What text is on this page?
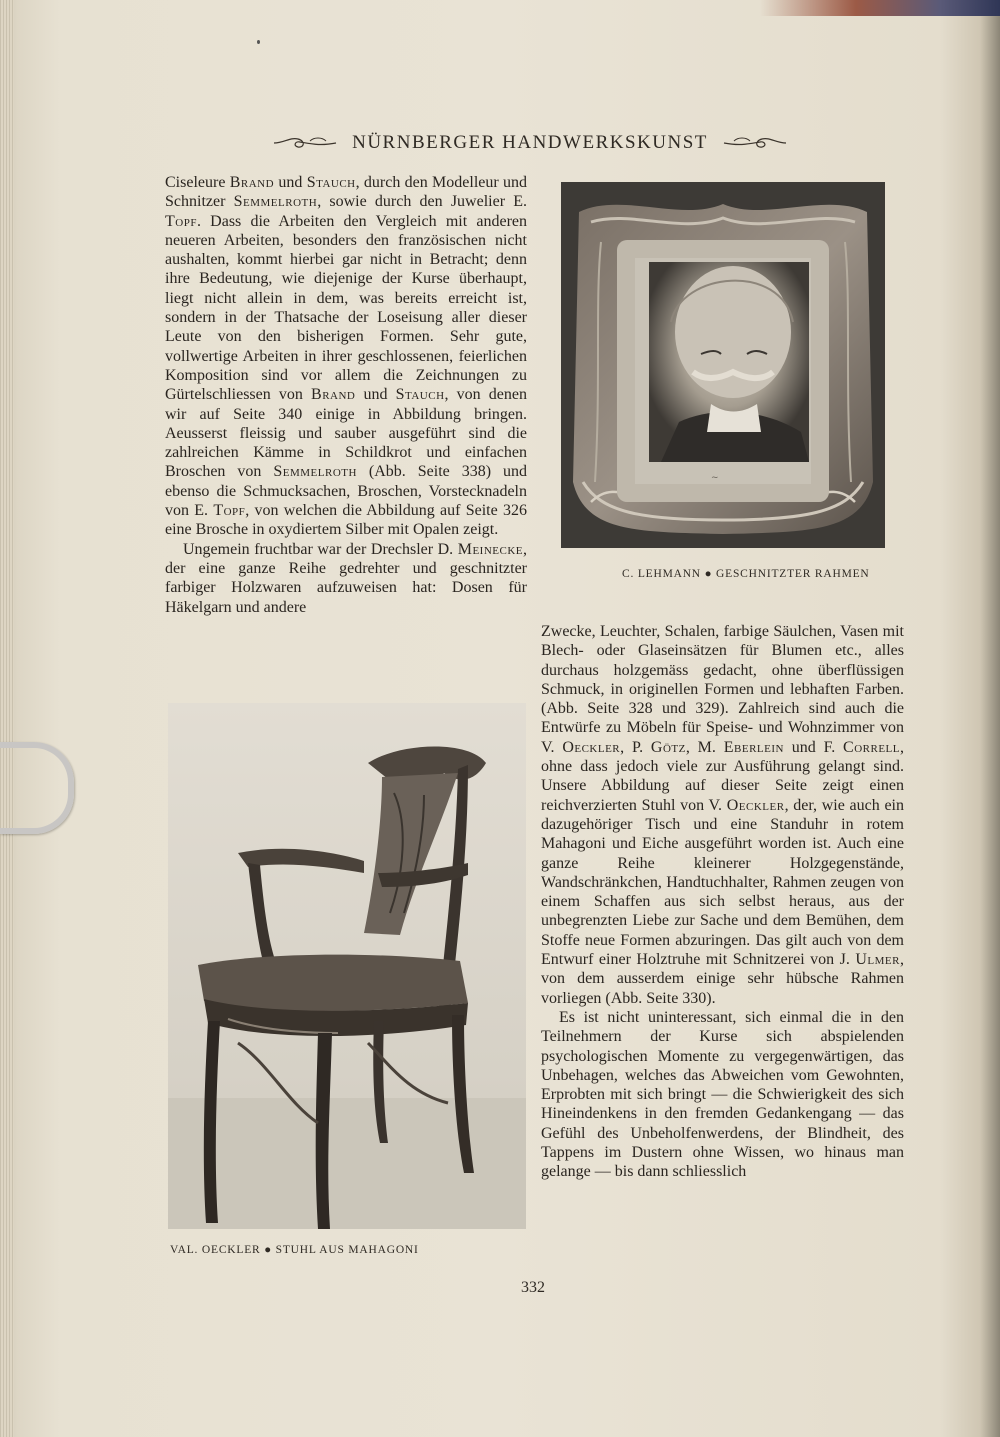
NÜRNBERGER HANDWERKSKUNST

Ciseleure Brand und Stauch, durch den Modelleur und Schnitzer Semmelroth, sowie durch den Juwelier E. Topf. Dass die Arbeiten den Vergleich mit anderen neueren Arbeiten, besonders den französischen nicht aushalten, kommt hierbei gar nicht in Betracht; denn ihre Bedeutung, wie diejenige der Kurse überhaupt, liegt nicht allein in dem, was bereits erreicht ist, sondern in der Thatsache der Loseisung aller dieser Leute von den bisherigen Formen. Sehr gute, vollwertige Arbeiten in ihrer geschlossenen, feierlichen Komposition sind vor allem die Zeichnungen zu Gürtelschliessen von Brand und Stauch, von denen wir auf Seite 340 einige in Abbildung bringen. Aeusserst fleissig und sauber ausgeführt sind die zahlreichen Kämme in Schildkrot und einfachen Broschen von Semmelroth (Abb. Seite 338) und ebenso die Schmucksachen, Broschen, Vorstecknadeln von E. Topf, von welchen die Abbildung auf Seite 326 eine Brosche in oxydiertem Silber mit Opalen zeigt.

Ungemein fruchtbar war der Drechsler D. Meinecke, der eine ganze Reihe gedrehter und geschnitzter farbiger Holzwaren aufzuweisen hat: Dosen für Häkelgarn und andere

~
C. LEHMANN ● GESCHNITZTER RAHMEN
VAL. OECKLER ● STUHL AUS MAHAGONI

Zwecke, Leuchter, Schalen, farbige Säulchen, Vasen mit Blech- oder Glaseinsätzen für Blumen etc., alles durchaus holzgemäss gedacht, ohne überflüssigen Schmuck, in originellen Formen und lebhaften Farben. (Abb. Seite 328 und 329). Zahlreich sind auch die Entwürfe zu Möbeln für Speise- und Wohnzimmer von V. Oeckler, P. Götz, M. Eberlein und F. Correll, ohne dass jedoch viele zur Ausführung gelangt sind. Unsere Abbildung auf dieser Seite zeigt einen reichverzierten Stuhl von V. Oeckler, der, wie auch ein dazugehöriger Tisch und eine Standuhr in rotem Mahagoni und Eiche ausgeführt worden ist. Auch eine ganze Reihe kleinerer Holzgegenstände, Wandschränkchen, Handtuchhalter, Rahmen zeugen von einem Schaffen aus sich selbst heraus, aus der unbegrenzten Liebe zur Sache und dem Bemühen, dem Stoffe neue Formen abzuringen. Das gilt auch von dem Entwurf einer Holztruhe mit Schnitzerei von J. Ulmer, von dem ausserdem einige sehr hübsche Rahmen vorliegen (Abb. Seite 330).

Es ist nicht uninteressant, sich einmal die in den Teilnehmern der Kurse sich abspielenden psychologischen Momente zu vergegenwärtigen, das Unbehagen, welches das Abweichen vom Gewohnten, Erprobten mit sich bringt — die Schwierigkeit des sich Hineindenkens in den fremden Gedankengang — das Gefühl des Unbeholfenwerdens, der Blindheit, des Tappens im Dustern ohne Wissen, wo hinaus man gelange — bis dann schliesslich

332
